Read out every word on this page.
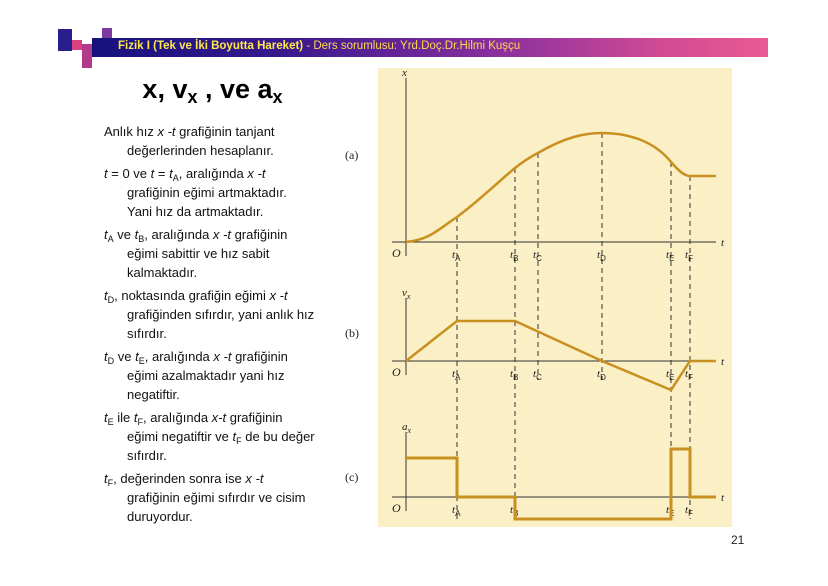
Fizik I (Tek ve İki Boyutta Hareket) - Ders sorumlusu: Yrd.Doç.Dr.Hilmi Kuşçu
x, $v_x$ , ve $a_x$
Anlık hız x -t grafiğinin tanjant
değerlerinden hesaplanır.
t = 0 ve $t = t_A$, aralığında x -t
grafiğinin eğimi artmaktadır.
Yani hız da artmaktadır.
$t_A$ ve $t_B$, aralığında x -t grafiğinin
eğimi sabittir ve hız sabit
kalmaktadır.
$t_D$, noktasında grafiğin eğimi x -t
grafiğinden sıfırdır, yani anlık hız
sıfırdır.
$t_D$ ve $t_E$, aralığında x -t grafiğinin
eğimi azalmaktadır yani hız
negatiftir.
$t_E$ ile $t_F$, aralığında x-t grafiğinin
eğimi negatiftir ve $t_F$ de bu değer
sıfırdır.
$t_F$, değerinden sonra ise x -t
grafiğinin eğimi sıfırdır ve cisim
duruyordur.
O
t
x
$t_A$	$t_B$ $t_C$	$t_D$	$t_E$ $t_F$
O
t
$v_x$
$t_A$	$t_B$ $t_C$	$t_D$	$t_E$ $t_F$
O
t
$a_x$
$t_A$	$t_B$	$t_E$ $t_F$
(a)
(b)
(c)
21
